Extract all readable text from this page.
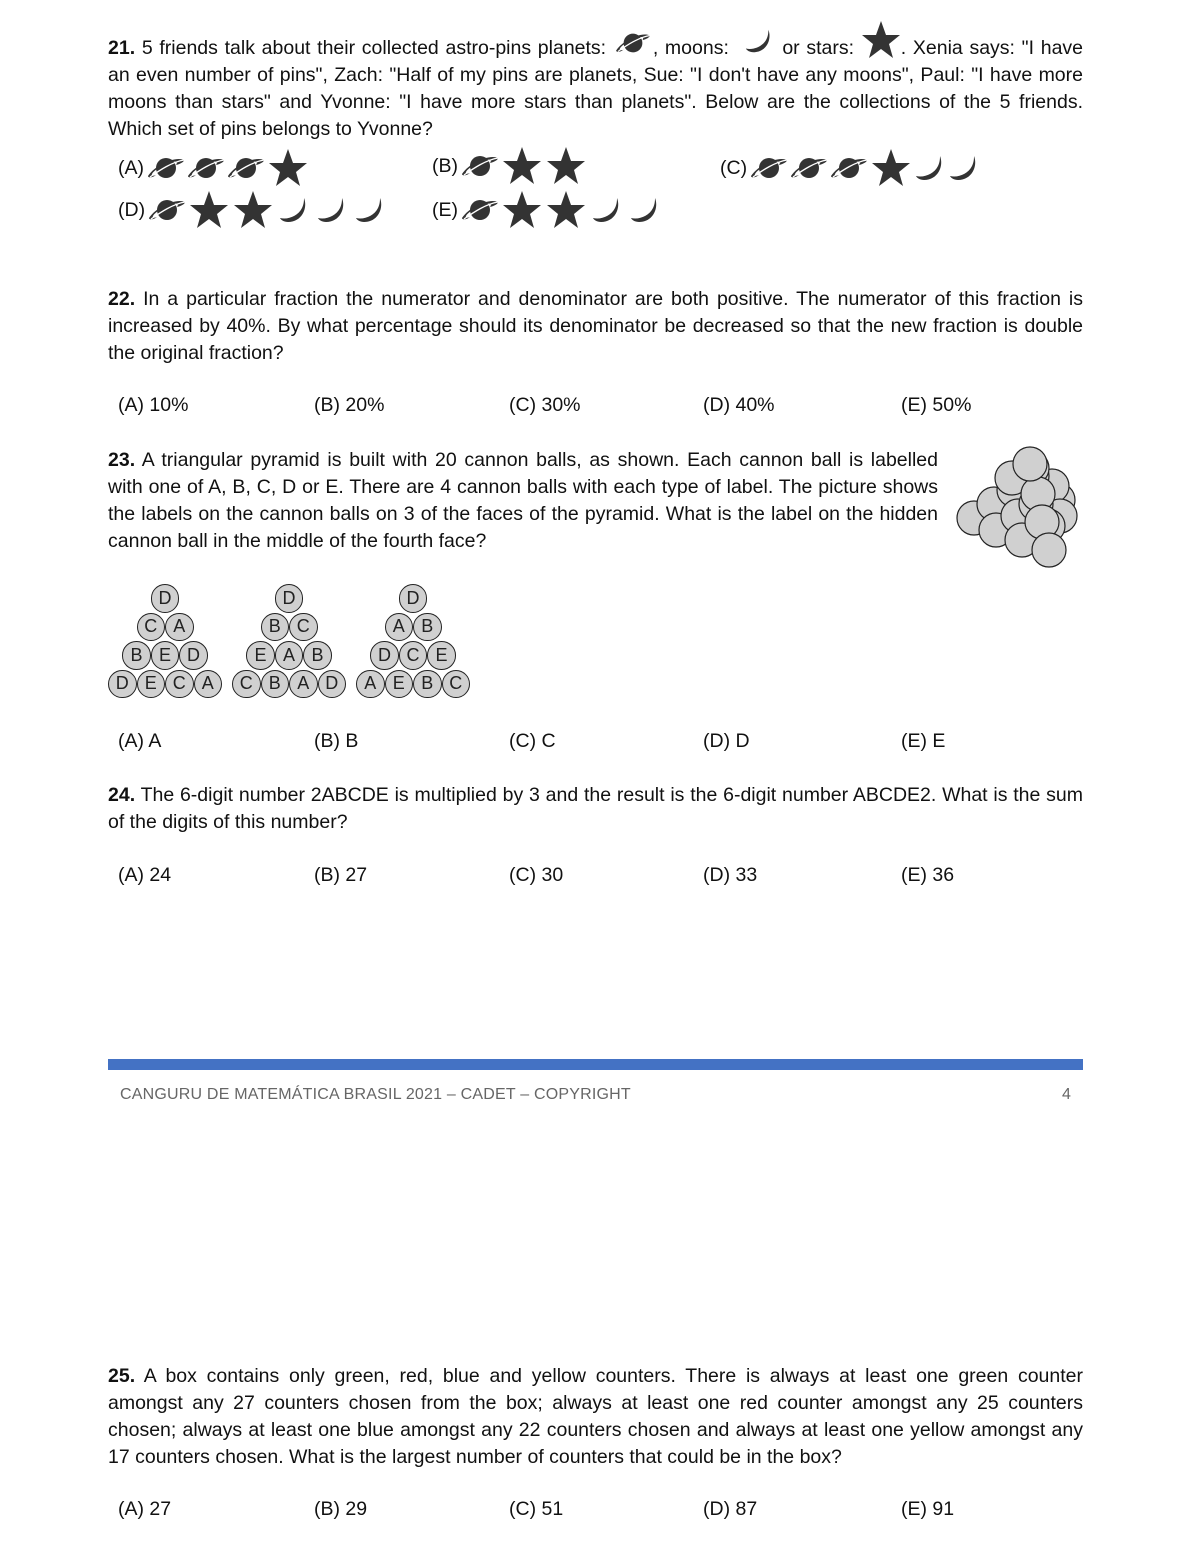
21. 5 friends talk about their collected astro-pins planets: , moons:	or stars: . Xenia says: "I have an even number of pins", Zach: "Half of my pins are planets, Sue: "I don't have any moons", Paul: "I have more moons than stars" and Yvonne: "I have more stars than planets". Below are the collections of the 5 friends. Which set of pins belongs to Yvonne?
(A)	(B)	(C)
(D)	(E)
22. In a particular fraction the numerator and denominator are both positive. The numerator of this fraction is increased by 40%. By what percentage should its denominator be decreased so that the new fraction is double the original fraction?
(A) 10%	(B) 20%	(C) 30%	(D) 40%	(E) 50%
23. A triangular pyramid is built with 20 cannon balls, as shown. Each cannon ball is labelled with one of A, B, C, D or E. There are 4 cannon balls with each type of label. The picture shows the labels on the cannon balls on 3 of the faces of the pyramid. What is the label on the hidden cannon ball in the middle of the fourth face?
D
C A
B E D
D E C A
D
B C
E A B
C B A D
D
A B
D C E
A E B C
(A) A	(B) B	(C) C	(D) D	(E) E
24. The 6-digit number 2ABCDE is multiplied by 3 and the result is the 6-digit number ABCDE2. What is the sum of the digits of this number?
(A) 24	(B) 27	(C) 30	(D) 33	(E) 36
CANGURU DE MATEMÁTICA BRASIL 2021 – CADET – COPYRIGHT	4
25. A box contains only green, red, blue and yellow counters. There is always at least one green counter amongst any 27 counters chosen from the box; always at least one red counter amongst any 25 counters chosen; always at least one blue amongst any 22 counters chosen and always at least one yellow amongst any 17 counters chosen. What is the largest number of counters that could be in the box?
(A) 27	(B) 29	(C) 51	(D) 87	(E) 91
